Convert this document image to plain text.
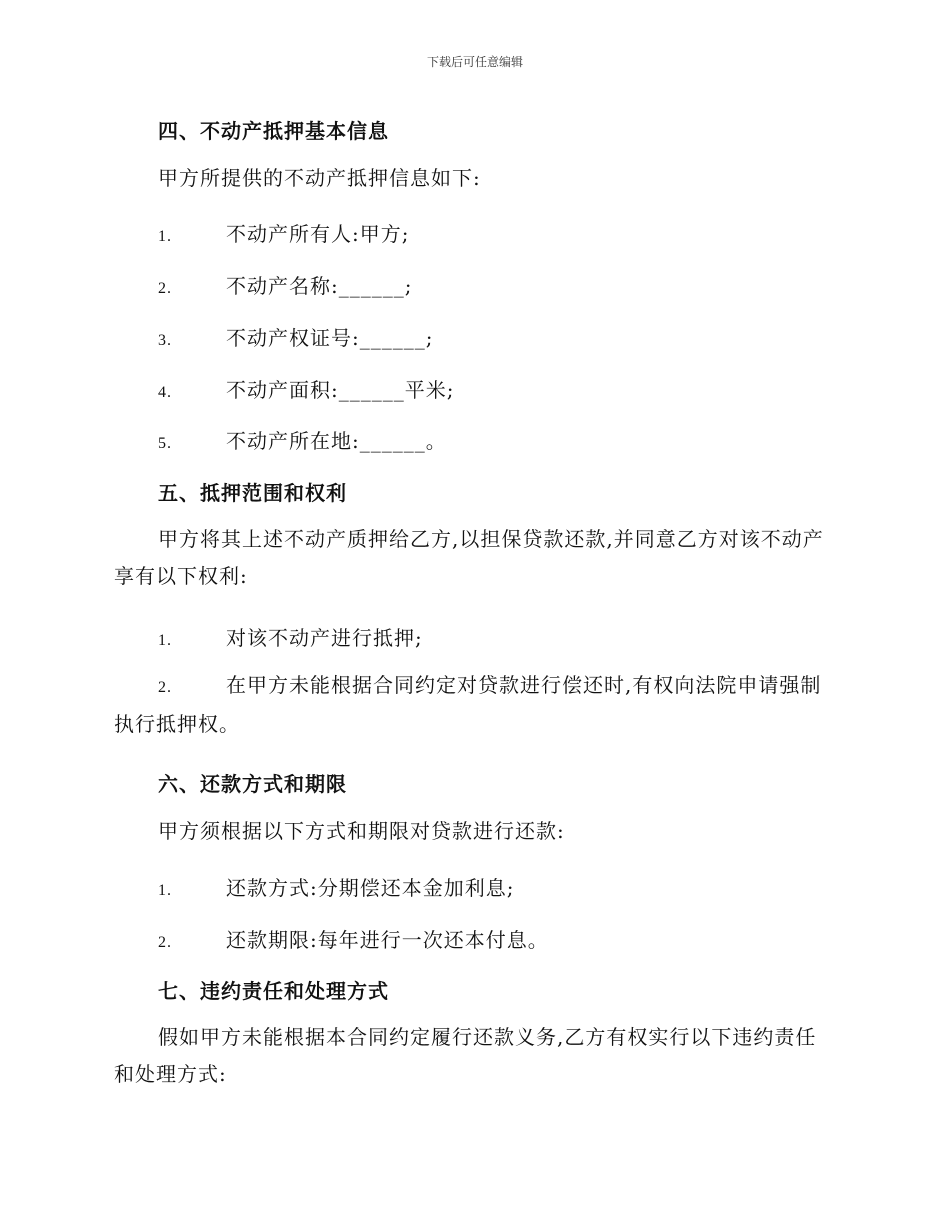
下载后可任意编辑
四、不动产抵押基本信息
甲方所提供的不动产抵押信息如下:
1.	不动产所有人:甲方;
2.	不动产名称:______;
3.	不动产权证号:______;
4.	不动产面积:______平米;
5.	不动产所在地:______。
五、抵押范围和权利
甲方将其上述不动产质押给乙方,以担保贷款还款,并同意乙方对该不动产享有以下权利:
1.	对该不动产进行抵押;
2.	在甲方未能根据合同约定对贷款进行偿还时,有权向法院申请强制执行抵押权。
六、还款方式和期限
甲方须根据以下方式和期限对贷款进行还款:
1.	还款方式:分期偿还本金加利息;
2.	还款期限:每年进行一次还本付息。
七、违约责任和处理方式
假如甲方未能根据本合同约定履行还款义务,乙方有权实行以下违约责任和处理方式:
